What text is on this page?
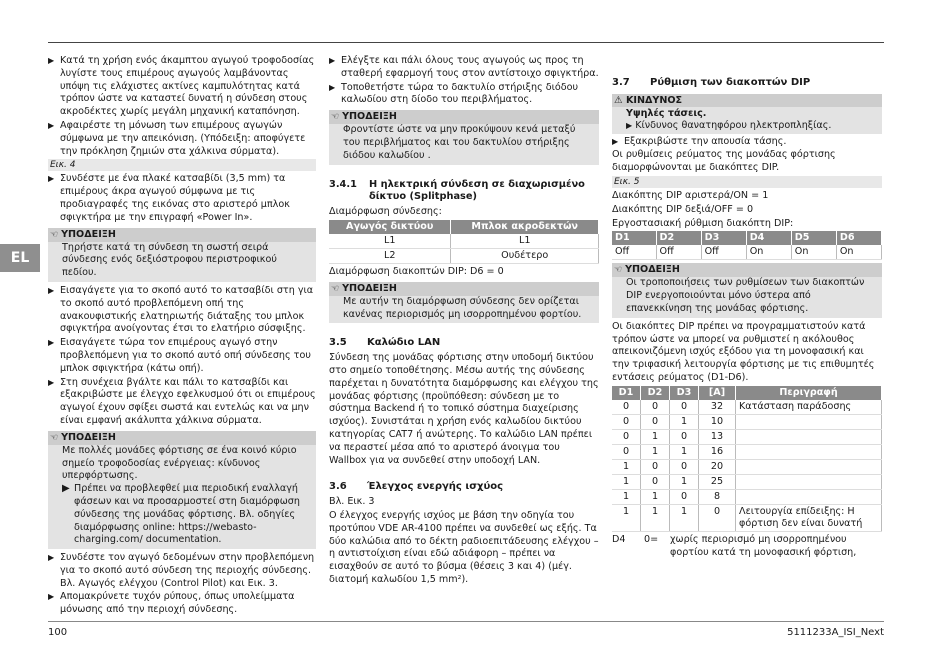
EL
▶ Κατά τη χρήση ενός άκαμπτου αγωγού τροφοδοσίας λυγίστε τους επιμέρους αγωγούς λαμβάνοντας υπόψη τις ελάχιστες ακτίνες καμπυλότητας κατά τρόπον ώστε να καταστεί δυνατή η σύνδεση στους ακροδέκτες χωρίς μεγάλη μηχανική καταπόνηση.
▶ Αφαιρέστε τη μόνωση των επιμέρους αγωγών σύμφωνα με την απεικόνιση. (Υπόδειξη: αποφύγετε την πρόκληση ζημιών στα χάλκινα σύρματα).
Εικ. 4
▶ Συνδέστε με ένα πλακέ κατσαβίδι (3,5 mm) τα επιμέρους άκρα αγωγού σύμφωνα με τις προδιαγραφές της εικόνας στο αριστερό μπλοκ σφιγκτήρα με την επιγραφή «Power In».
☜ ΥΠΟΔΕΙΞΗ
Τηρήστε κατά τη σύνδεση τη σωστή σειρά σύνδεσης ενός δεξιόστροφου περιστροφικού πεδίου.
▶ Εισαγάγετε για το σκοπό αυτό το κατσαβίδι στη για το σκοπό αυτό προβλεπόμενη οπή της ανακουφιστικής ελατηριωτής διάταξης του μπλοκ σφιγκτήρα ανοίγοντας έτσι το ελατήριο σύσφιξης.
▶ Εισαγάγετε τώρα τον επιμέρους αγωγό στην προβλεπόμενη για το σκοπό αυτό οπή σύνδεσης του μπλοκ σφιγκτήρα (κάτω οπή).
▶ Στη συνέχεια βγάλτε και πάλι το κατσαβίδι και εξακριβώστε με έλεγχο εφελκυσμού ότι οι επιμέρους αγωγοί έχουν σφίξει σωστά και εντελώς και να μην είναι εμφανή ακάλυπτα χάλκινα σύρματα.
☜ ΥΠΟΔΕΙΞΗ
Με πολλές μονάδες φόρτισης σε ένα κοινό κύριο σημείο τροφοδοσίας ενέργειας: κίνδυνος υπερφόρτωσης.
▶ Πρέπει να προβλεφθεί μια περιοδική εναλλαγή φάσεων και να προσαρμοστεί στη διαμόρφωση σύνδεσης της μονάδας φόρτισης. Βλ. οδηγίες διαμόρφωσης online: https://webasto-charging.com/ documentation.
▶ Συνδέστε τον αγωγό δεδομένων στην προβλεπόμενη για το σκοπό αυτό σύνδεση της περιοχής σύνδεσης. Βλ. Αγωγός ελέγχου (Control Pilot) και Εικ. 3.
▶ Απομακρύνετε τυχόν ρύπους, όπως υπολείμματα μόνωσης από την περιοχή σύνδεσης.
▶ Ελέγξτε και πάλι όλους τους αγωγούς ως προς τη σταθερή εφαρμογή τους στον αντίστοιχο σφιγκτήρα.
▶ Τοποθετήστε τώρα το δακτυλίο στήριξης διόδου καλωδίου στη δίοδο του περιβλήματος.
☜ ΥΠΟΔΕΙΞΗ
Φροντίστε ώστε να μην προκύψουν κενά μεταξύ του περιβλήματος και του δακτυλίου στήριξης διόδου καλωδίου .
3.4.1	Η ηλεκτρική σύνδεση σε διαχωρισμένο δίκτυο (Splitphase)
Διαμόρφωση σύνδεσης:
Αγωγός δικτύου	Μπλοκ ακροδεκτών
L1	L1
L2	Ουδέτερο
Διαμόρφωση διακοπτών DIP: D6 = 0
☜ ΥΠΟΔΕΙΞΗ
Με αυτήν τη διαμόρφωση σύνδεσης δεν ορίζεται κανένας περιορισμός μη ισορροπημένου φορτίου.
3.5 Καλώδιο LAN
Σύνδεση της μονάδας φόρτισης στην υποδομή δικτύου στο σημείο τοποθέτησης. Μέσω αυτής της σύνδεσης παρέχεται η δυνατότητα διαμόρφωσης και ελέγχου της μονάδας φόρτισης (προϋπόθεση: σύνδεση με το σύστημα Backend ή το τοπικό σύστημα διαχείρισης ισχύος). Συνιστάται η χρήση ενός καλωδίου δικτύου κατηγορίας CAT7 ή ανώτερης. Το καλώδιο LAN πρέπει να περαστεί μέσα από το αριστερό άνοιγμα του Wallbox για να συνδεθεί στην υποδοχή LAN.
3.6 Έλεγχος ενεργής ισχύος
Βλ. Εικ. 3
Ο έλεγχος ενεργής ισχύος με βάση την οδηγία του προτύπου VDE AR-4100 πρέπει να συνδεθεί ως εξής. Τα δύο καλώδια από το δέκτη ραδιοεπιτάδευσης ελέγχου – η αντιστοίχιση είναι εδώ αδιάφορη – πρέπει να εισαχθούν σε αυτό το βύσμα (θέσεις 3 και 4) (μέγ. διατομή καλωδίου 1,5 mm²).
3.7 Ρύθμιση των διακοπτών DIP
⚠ ΚΙΝΔΥΝΟΣ
Υψηλές τάσεις.
▶ Κίνδυνος θανατηφόρου ηλεκτροπληξίας.
▶ Εξακριβώστε την απουσία τάσης.
Οι ρυθμίσεις ρεύματος της μονάδας φόρτισης διαμορφώνονται με διακόπτες DIP.
Εικ. 5
Διακόπτης DIP αριστερά/ON = 1
Διακόπτης DIP δεξιά/OFF = 0
Εργοστασιακή ρύθμιση διακόπτη DIP:
D1	D2	D3	D4	D5	D6
Off	Off	Off	On	On	On
☜ ΥΠΟΔΕΙΞΗ
Οι τροποποιήσεις των ρυθμίσεων των διακοπτών DIP ενεργοποιούνται μόνο ύστερα από επανεκκίνηση της μονάδας φόρτισης.
Οι διακόπτες DIP πρέπει να προγραμματιστούν κατά τρόπον ώστε να μπορεί να ρυθμιστεί η ακόλουθος απεικονιζόμενη ισχύς εξόδου για τη μονοφασική και την τριφασική λειτουργία φόρτισης με τις επιθυμητές εντάσεις ρεύματος (D1-D6).
D1	D2	D3	[A]	Περιγραφή
0	0	0	32	Κατάσταση παράδοσης
0	0	1	10	
0	1	0	13	
0	1	1	16	
1	0	0	20	
1	0	1	25	
1	1	0	8	
1	1	1	0	Λειτουργία επίδειξης: Η φόρτιση δεν είναι δυνατή
D4	0=	χωρίς περιορισμό μη ισορροπημένου φορτίου κατά τη μονοφασική φόρτιση,
100	5111233A_ISI_Next
